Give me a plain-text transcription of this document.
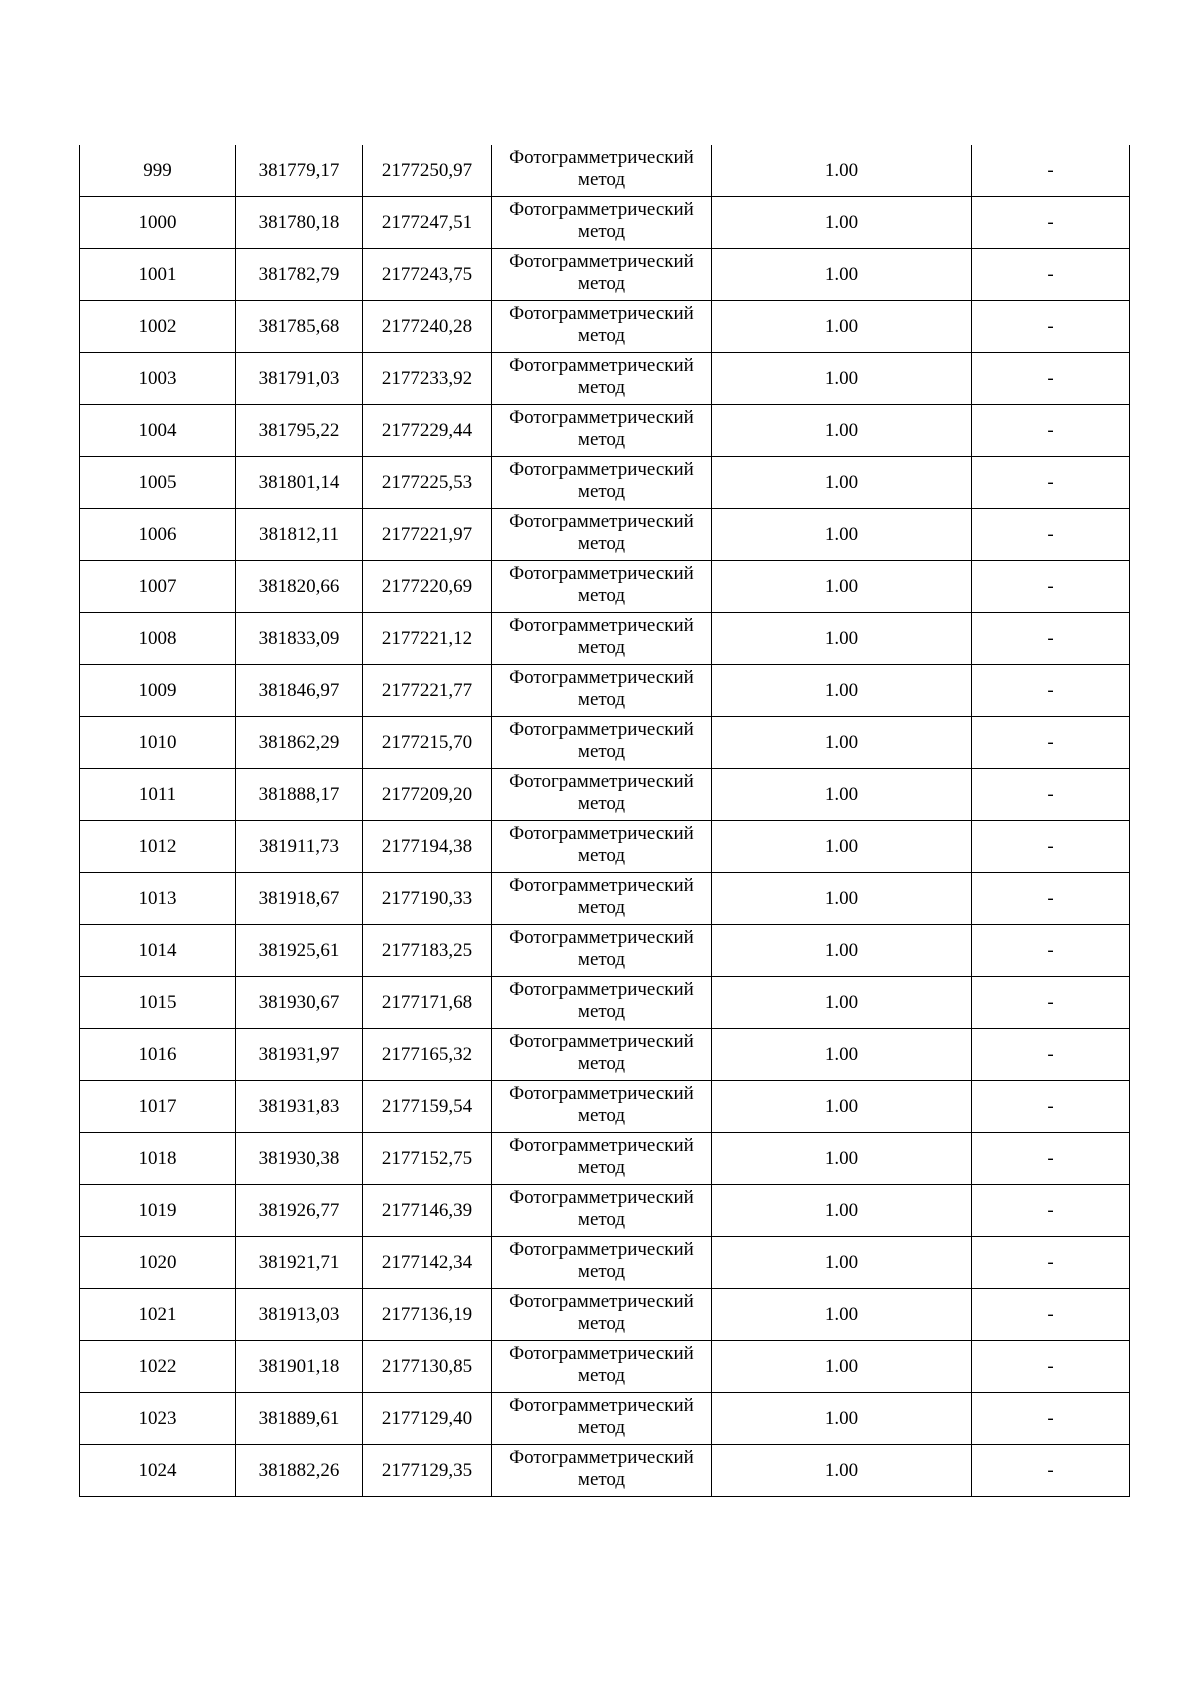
999	381779,17	2177250,97	Фотограмметрический метод	1.00	-
1000	381780,18	2177247,51	Фотограмметрический метод	1.00	-
1001	381782,79	2177243,75	Фотограмметрический метод	1.00	-
1002	381785,68	2177240,28	Фотограмметрический метод	1.00	-
1003	381791,03	2177233,92	Фотограмметрический метод	1.00	-
1004	381795,22	2177229,44	Фотограмметрический метод	1.00	-
1005	381801,14	2177225,53	Фотограмметрический метод	1.00	-
1006	381812,11	2177221,97	Фотограмметрический метод	1.00	-
1007	381820,66	2177220,69	Фотограмметрический метод	1.00	-
1008	381833,09	2177221,12	Фотограмметрический метод	1.00	-
1009	381846,97	2177221,77	Фотограмметрический метод	1.00	-
1010	381862,29	2177215,70	Фотограмметрический метод	1.00	-
1011	381888,17	2177209,20	Фотограмметрический метод	1.00	-
1012	381911,73	2177194,38	Фотограмметрический метод	1.00	-
1013	381918,67	2177190,33	Фотограмметрический метод	1.00	-
1014	381925,61	2177183,25	Фотограмметрический метод	1.00	-
1015	381930,67	2177171,68	Фотограмметрический метод	1.00	-
1016	381931,97	2177165,32	Фотограмметрический метод	1.00	-
1017	381931,83	2177159,54	Фотограмметрический метод	1.00	-
1018	381930,38	2177152,75	Фотограмметрический метод	1.00	-
1019	381926,77	2177146,39	Фотограмметрический метод	1.00	-
1020	381921,71	2177142,34	Фотограмметрический метод	1.00	-
1021	381913,03	2177136,19	Фотограмметрический метод	1.00	-
1022	381901,18	2177130,85	Фотограмметрический метод	1.00	-
1023	381889,61	2177129,40	Фотограмметрический метод	1.00	-
1024	381882,26	2177129,35	Фотограмметрический метод	1.00	-
